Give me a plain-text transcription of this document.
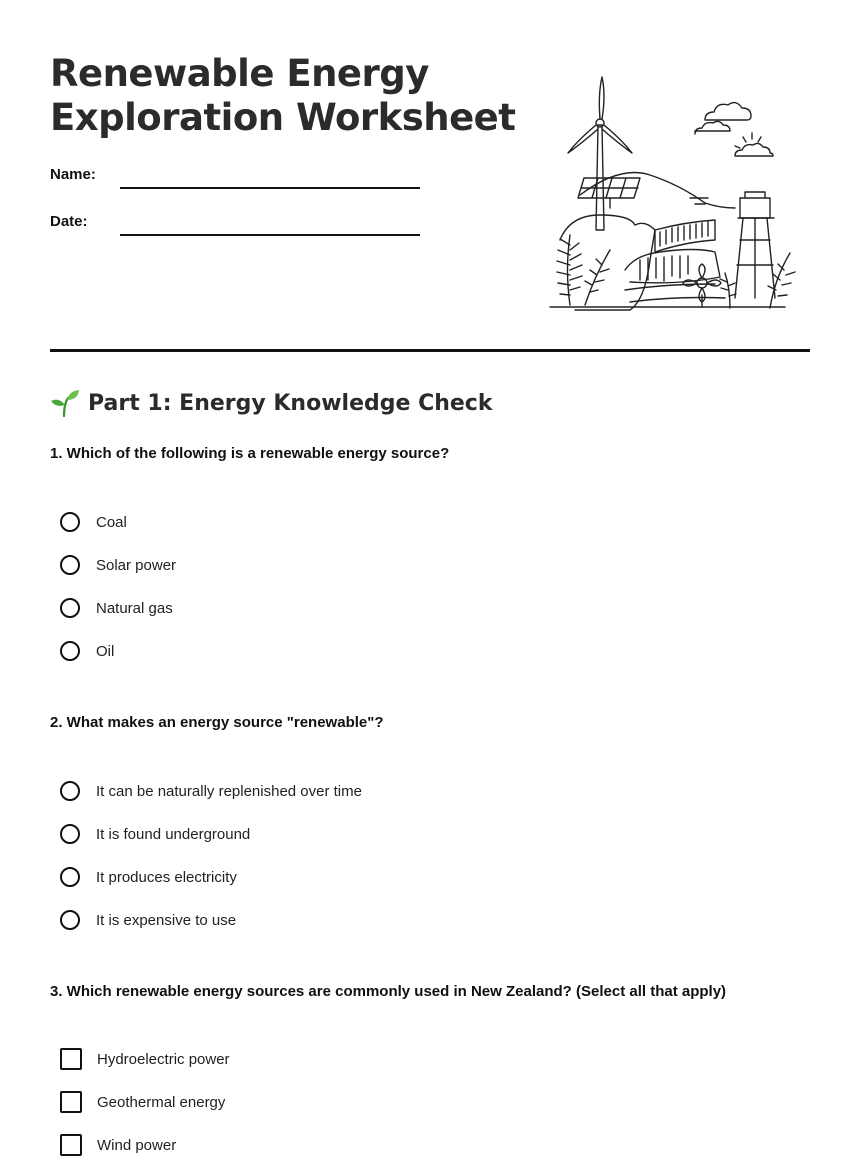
Renewable Energy
Exploration Worksheet
Name:
Date:
Part 1: Energy Knowledge Check

1. Which of the following is a renewable energy source?

Coal
Solar power
Natural gas
Oil

2. What makes an energy source "renewable"?

It can be naturally replenished over time
It is found underground
It produces electricity
It is expensive to use

3. Which renewable energy sources are commonly used in New Zealand? (Select all that apply)

Hydroelectric power
Geothermal energy
Wind power
